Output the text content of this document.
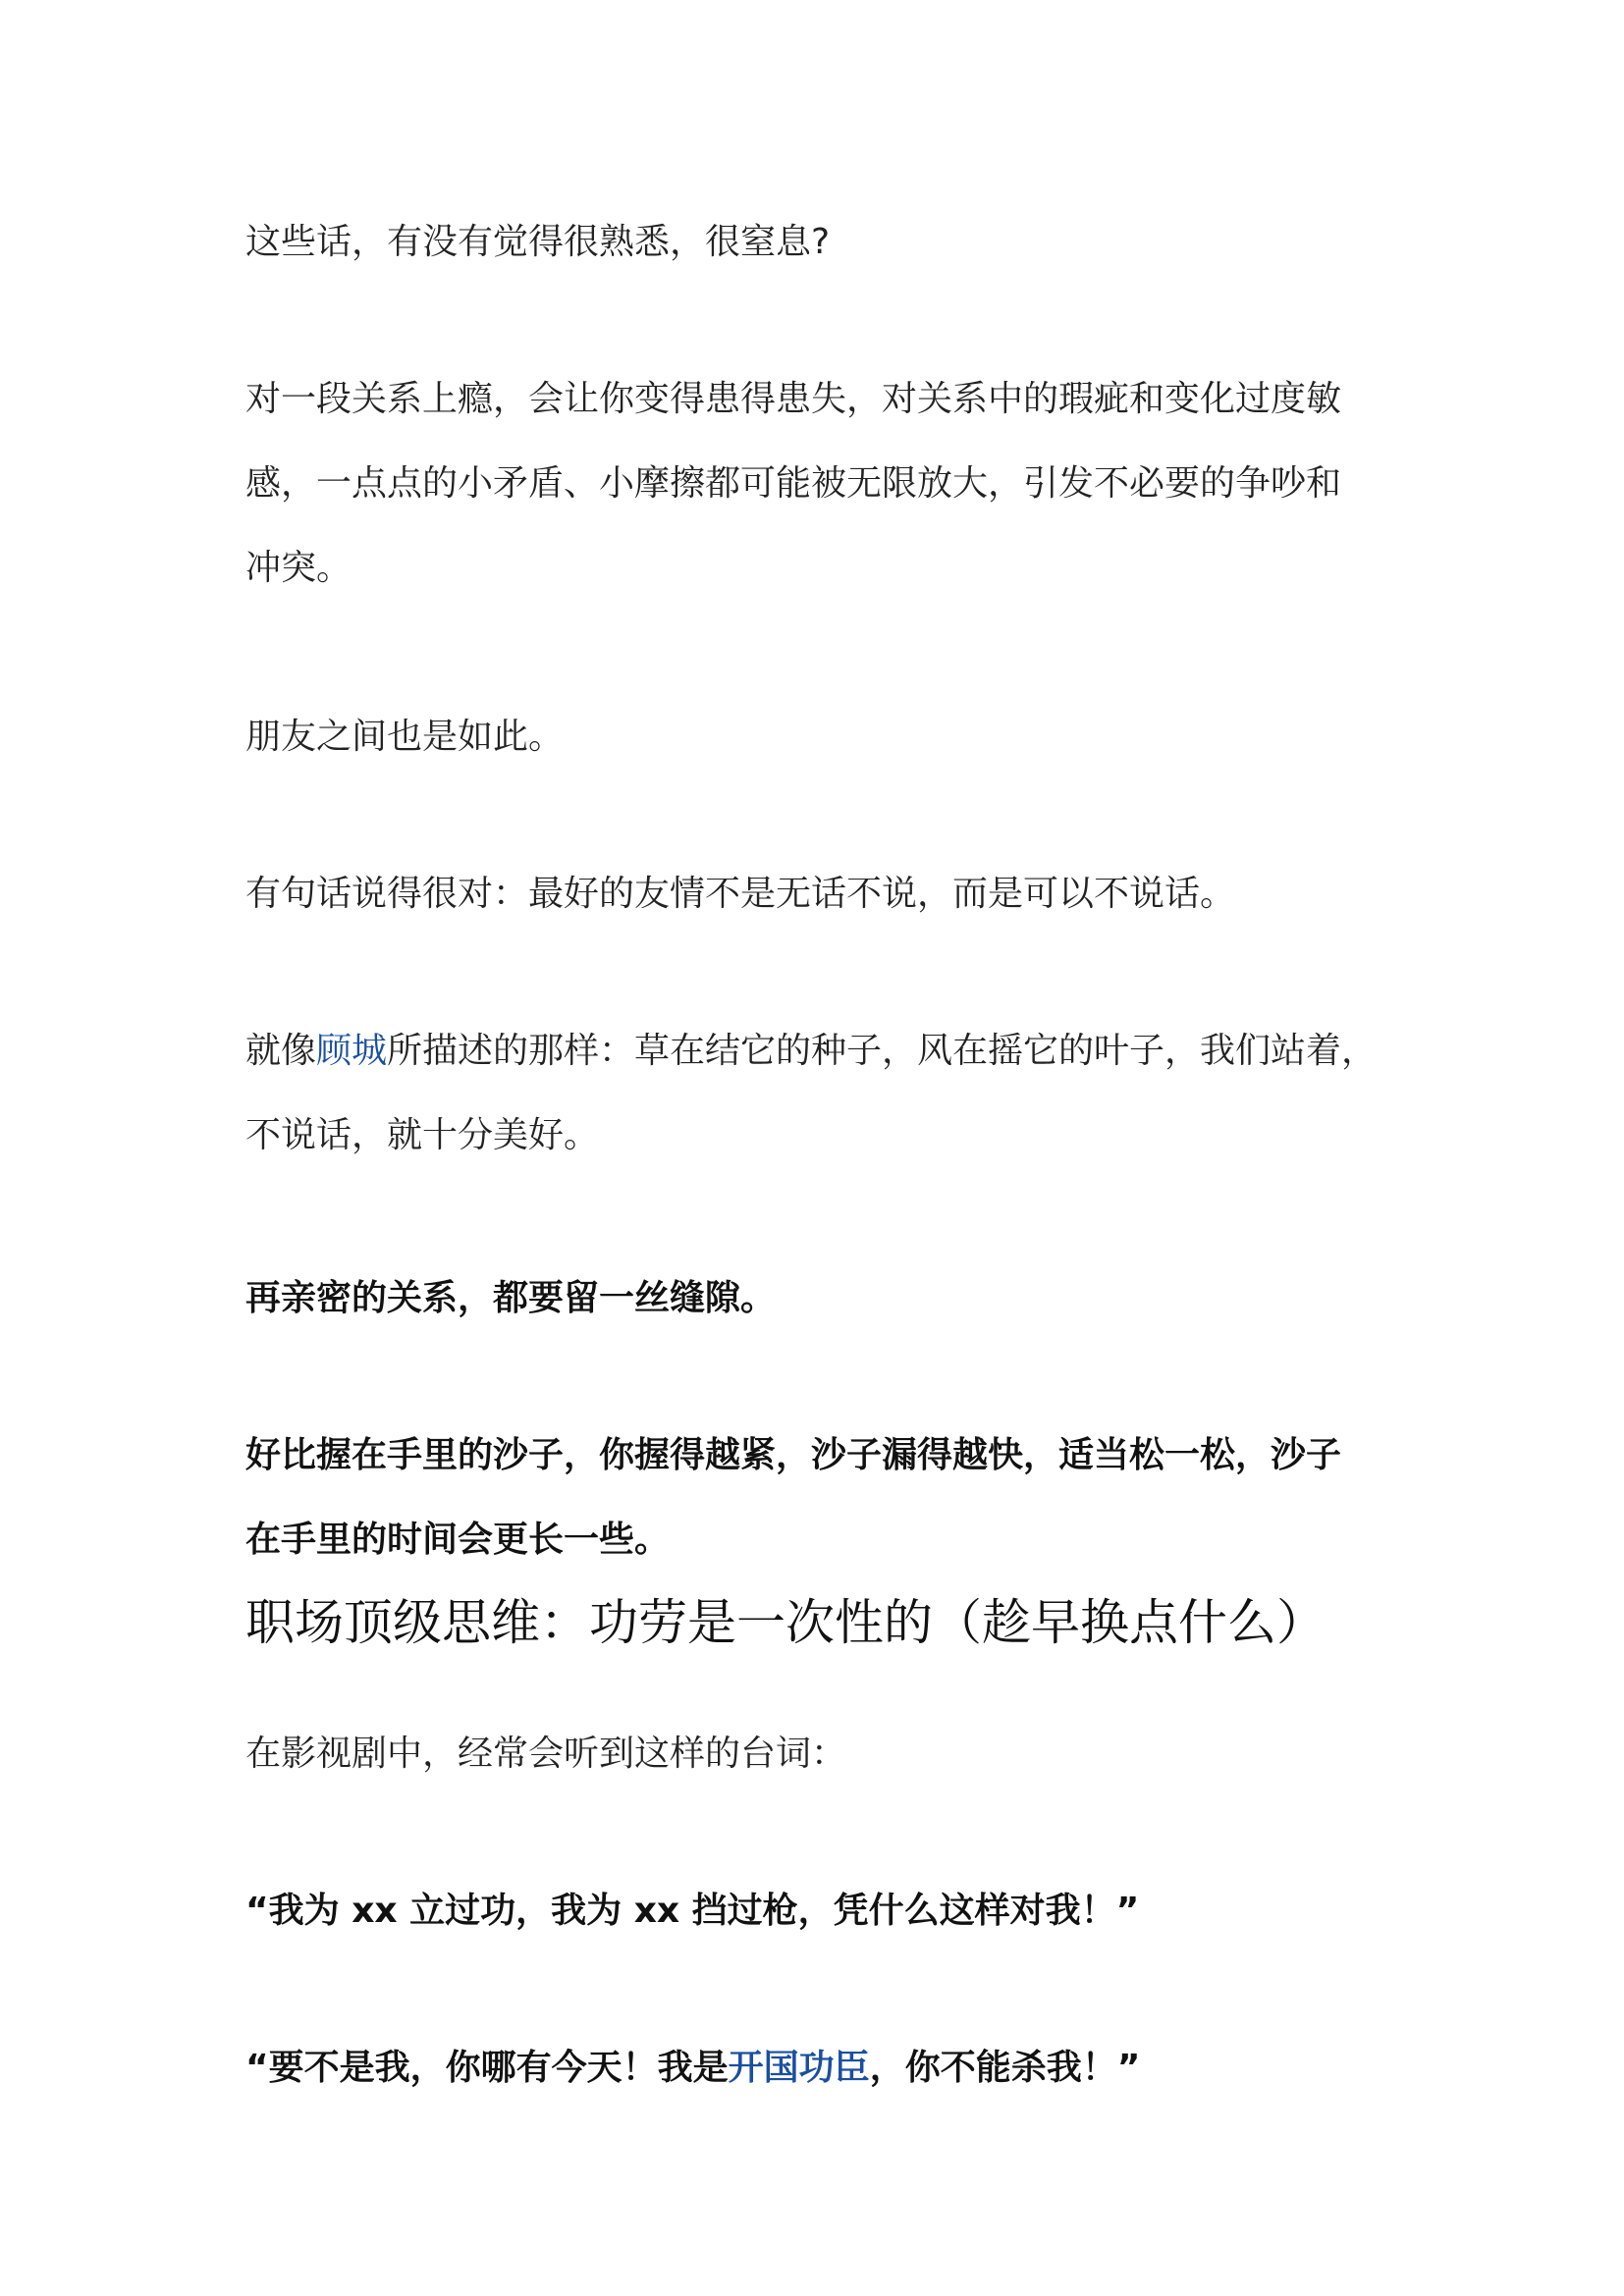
这些话，有没有觉得很熟悉，很窒息?

对一段关系上瘾，会让你变得患得患失，对关系中的瑕疵和变化过度敏
感，一点点的小矛盾、小摩擦都可能被无限放大，引发不必要的争吵和
冲突。

朋友之间也是如此。

有句话说得很对：最好的友情不是无话不说，而是可以不说话。

就像顾城所描述的那样：草在结它的种子，风在摇它的叶子，我们站着，
不说话，就十分美好。

再亲密的关系，都要留一丝缝隙。

好比握在手里的沙子，你握得越紧，沙子漏得越快，适当松一松，沙子
在手里的时间会更长一些。

职场顶级思维：功劳是一次性的（趁早换点什么）

在影视剧中，经常会听到这样的台词：

“我为 xx 立过功，我为 xx 挡过枪，凭什么这样对我！”

“要不是我，你哪有今天！我是开国功臣，你不能杀我！”
